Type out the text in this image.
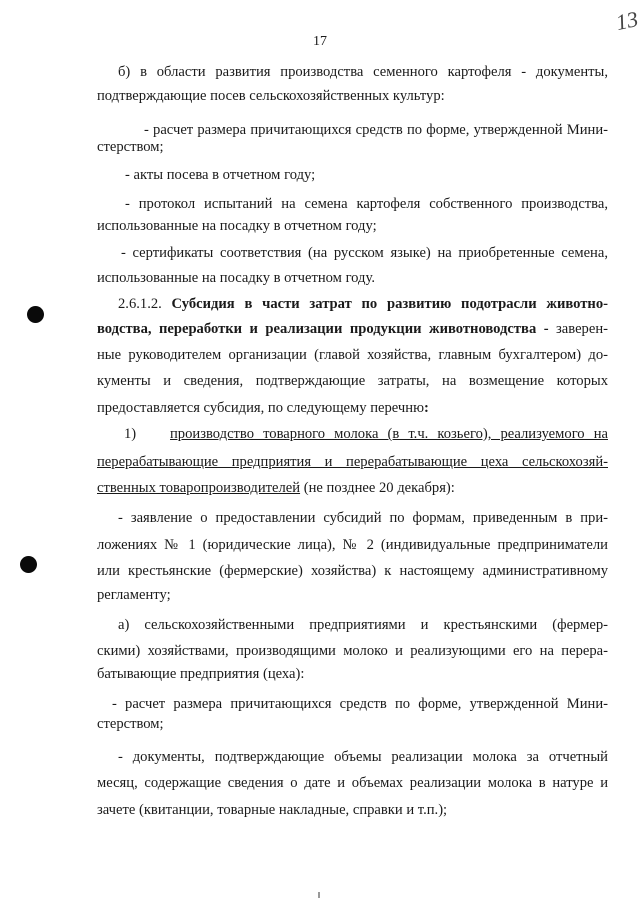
13
17
б) в области развития производства семенного картофеля - документы,
подтверждающие посев сельскохозяйственных культур:
- расчет размера причитающихся средств по форме, утвержденной Мини-
стерством;
- акты посева в отчетном году;
- протокол испытаний на семена картофеля собственного производства,
использованные на посадку в отчетном году;
- сертификаты соответствия (на русском языке) на приобретенные семена,
использованные на посадку в отчетном году.
2.6.1.2. Субсидия в части затрат по развитию подотрасли животно-
водства, переработки и реализации продукции животноводства - заверен-
ные руководителем организации (главой хозяйства, главным бухгалтером) до-
кументы и сведения, подтверждающие затраты, на возмещение которых
предоставляется субсидия, по следующему перечню:
1)	производство товарного молока (в т.ч. козьего), реализуемого на
перерабатывающие предприятия и перерабатывающие цеха сельскохозяй-
ственных товаропроизводителей (не позднее 20 декабря):
- заявление о предоставлении субсидий по формам, приведенным в при-
ложениях № 1 (юридические лица), № 2 (индивидуальные предприниматели
или крестьянские (фермерские) хозяйства) к настоящему административному
регламенту;
а) сельскохозяйственными предприятиями и крестьянскими (фермер-
скими) хозяйствами, производящими молоко и реализующими его на перера-
батывающие предприятия (цеха):
- расчет размера причитающихся средств по форме, утвержденной Мини-
стерством;
- документы, подтверждающие объемы реализации молока за отчетный
месяц, содержащие сведения о дате и объемах реализации молока в натуре и
зачете (квитанции, товарные накладные, справки и т.п.);
